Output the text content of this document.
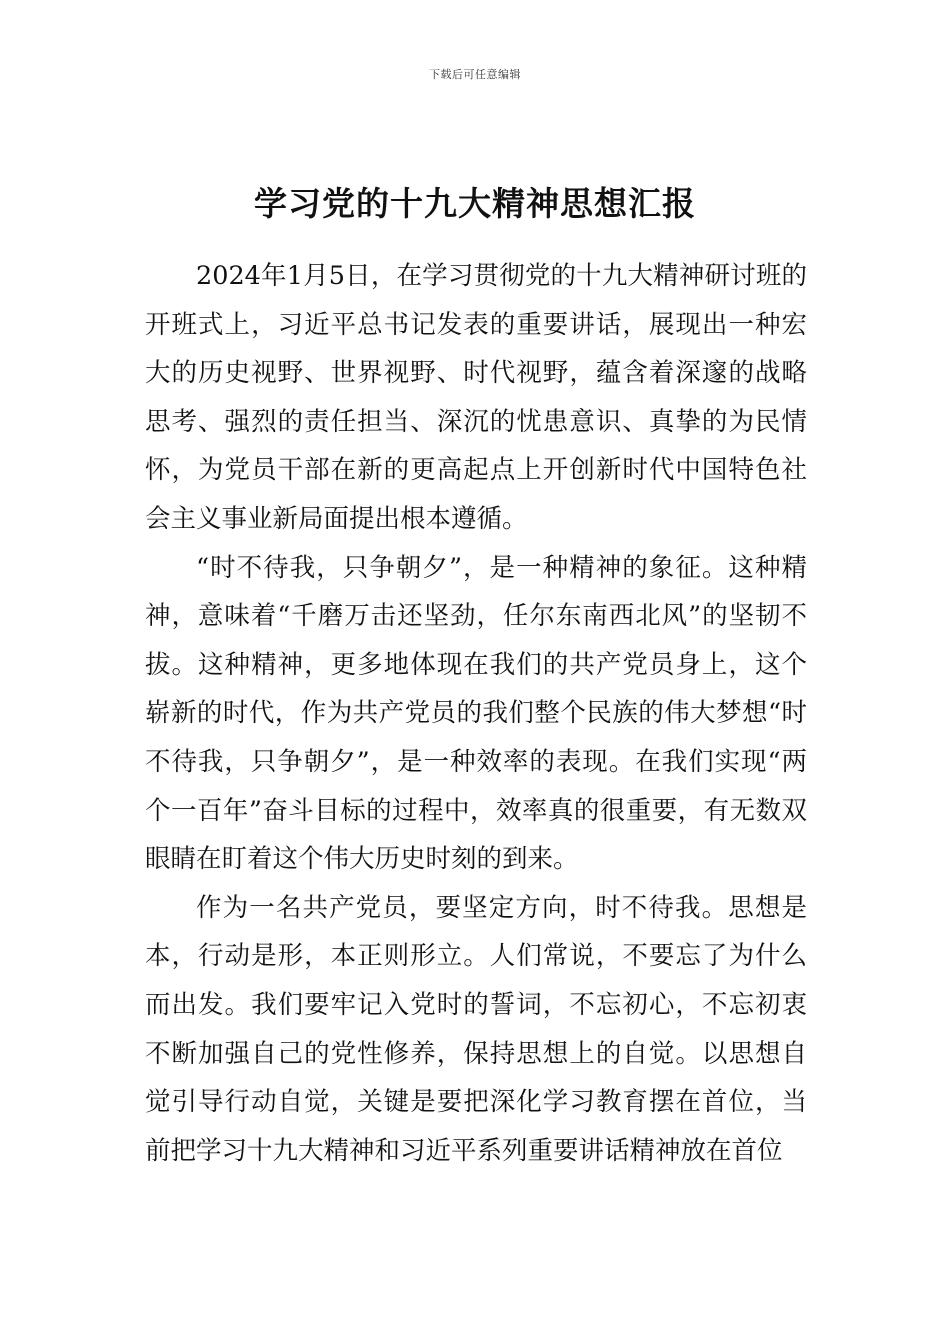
下载后可任意编辑
学习党的十九大精神思想汇报

2024年1月5日，在学习贯彻党的十九大精神研讨班的开班式上，习近平总书记发表的重要讲话，展现出一种宏大的历史视野、世界视野、时代视野，蕴含着深邃的战略思考、强烈的责任担当、深沉的忧患意识、真挚的为民情怀，为党员干部在新的更高起点上开创新时代中国特色社会主义事业新局面提出根本遵循。

“时不待我，只争朝夕”，是一种精神的象征。这种精神，意味着“千磨万击还坚劲，任尔东南西北风”的坚韧不拔。这种精神，更多地体现在我们的共产党员身上，这个崭新的时代，作为共产党员的我们整个民族的伟大梦想“时不待我，只争朝夕”，是一种效率的表现。在我们实现“两个一百年”奋斗目标的过程中，效率真的很重要，有无数双眼睛在盯着这个伟大历史时刻的到来。

作为一名共产党员，要坚定方向，时不待我。思想是本，行动是形，本正则形立。人们常说，不要忘了为什么而出发。我们要牢记入党时的誓词，不忘初心，不忘初衷不断加强自己的党性修养，保持思想上的自觉。以思想自觉引导行动自觉，关键是要把深化学习教育摆在首位，当前把学习十九大精神和习近平系列重要讲话精神放在首位
